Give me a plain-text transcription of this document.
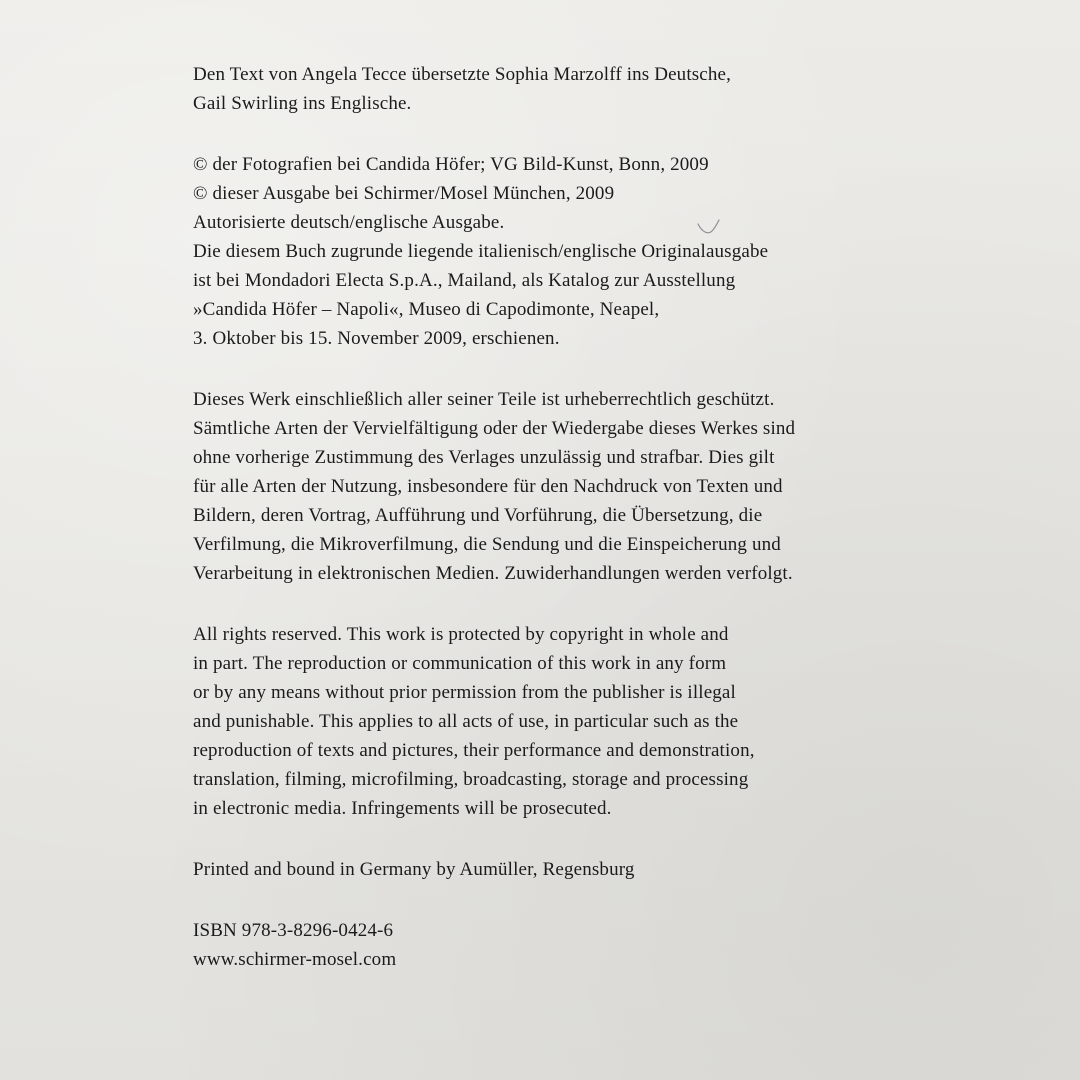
Den Text von Angela Tecce übersetzte Sophia Marzolff ins Deutsche,
Gail Swirling ins Englische.

© der Fotografien bei Candida Höfer; VG Bild-Kunst, Bonn, 2009
© dieser Ausgabe bei Schirmer/Mosel München, 2009
Autorisierte deutsch/englische Ausgabe.
Die diesem Buch zugrunde liegende italienisch/englische Originalausgabe
ist bei Mondadori Electa S.p.A., Mailand, als Katalog zur Ausstellung
»Candida Höfer – Napoli«, Museo di Capodimonte, Neapel,
3. Oktober bis 15. November 2009, erschienen.

Dieses Werk einschließlich aller seiner Teile ist urheberrechtlich geschützt.
Sämtliche Arten der Vervielfältigung oder der Wiedergabe dieses Werkes sind
ohne vorherige Zustimmung des Verlages unzulässig und strafbar. Dies gilt
für alle Arten der Nutzung, insbesondere für den Nachdruck von Texten und
Bildern, deren Vortrag, Aufführung und Vorführung, die Übersetzung, die
Verfilmung, die Mikroverfilmung, die Sendung und die Einspeicherung und
Verarbeitung in elektronischen Medien. Zuwiderhandlungen werden verfolgt.

All rights reserved. This work is protected by copyright in whole and
in part. The reproduction or communication of this work in any form
or by any means without prior permission from the publisher is illegal
and punishable. This applies to all acts of use, in particular such as the
reproduction of texts and pictures, their performance and demonstration,
translation, filming, microfilming, broadcasting, storage and processing
in electronic media. Infringements will be prosecuted.

Printed and bound in Germany by Aumüller, Regensburg

ISBN 978-3-8296-0424-6
www.schirmer-mosel.com
